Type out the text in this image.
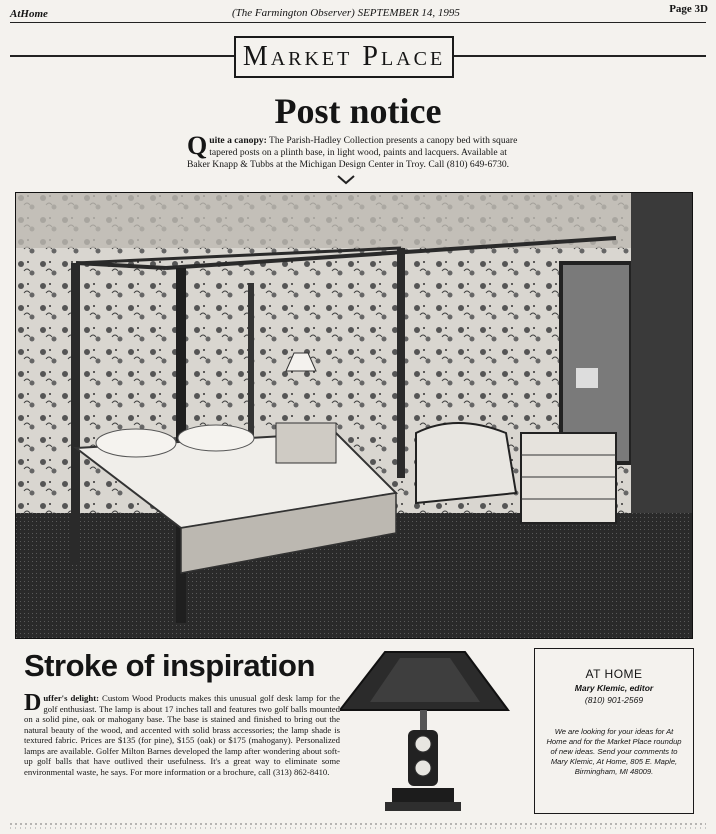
AtHome	(The Farmington Observer) SEPTEMBER 14, 1995	Page 3D
Market Place
Post notice
Q uite a canopy: The Parish-Hadley Collection presents a canopy bed with square tapered posts on a plinth base, in light wood, paints and lacquers. Available at Baker Knapp & Tubbs at the Michigan Design Center in Troy. Call (810) 649-6730.
Stroke of inspiration
D uffer's delight: Custom Wood Products makes this unusual golf desk lamp for the golf enthusiast. The lamp is about 17 inches tall and features two golf balls mounted on a solid pine, oak or mahogany base. The base is stained and finished to bring out the natural beauty of the wood, and accented with solid brass accessories; the lamp shade is textured fabric. Prices are $135 (for pine), $155 (oak) or $175 (mahogany). Personalized lamps are available. Golfer Milton Barnes developed the lamp after wondering about soft-up golf balls that have outlived their usefulness. It's a great way to eliminate some environmental waste, he says. For more information or a brochure, call (313) 862-8410.
AT HOME
Mary Klemic, editor
(810) 901-2569
We are looking for your ideas for At Home and for the Market Place roundup of new ideas. Send your comments to Mary Klemic, At Home, 805 E. Maple, Birmingham, MI 48009.
